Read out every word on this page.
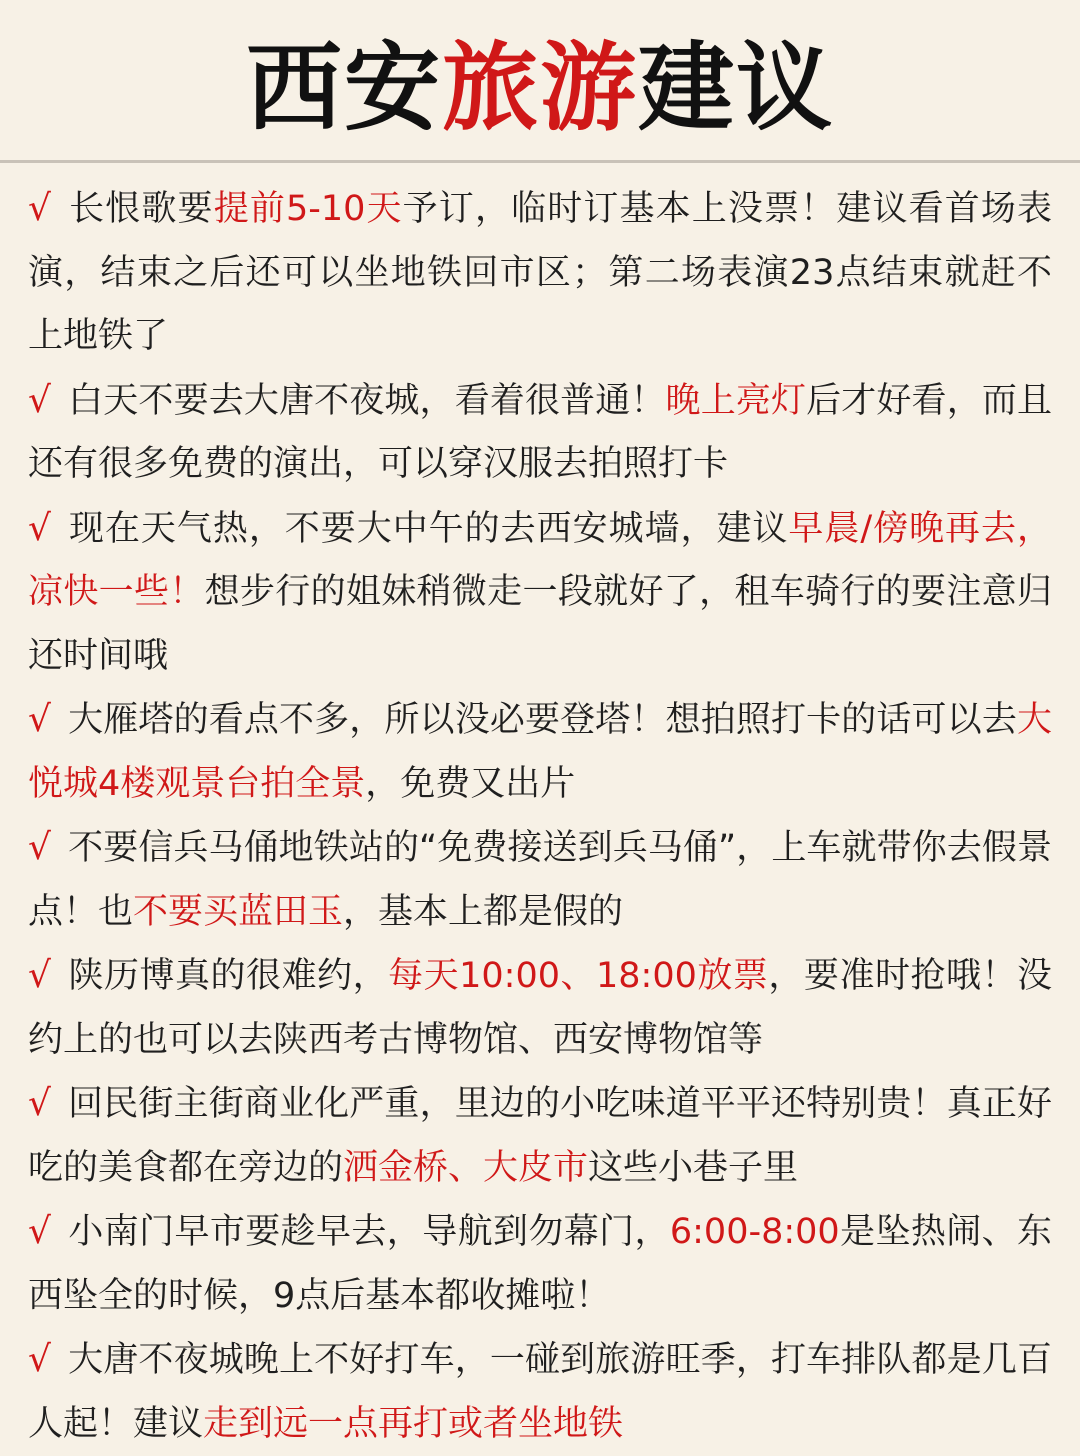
西安 旅游 建议
√ 长恨歌要提前5-10天予订，临时订基本上没票！建议看首场表演，结束之后还可以坐地铁回市区；第二场表演23点结束就赶不上地铁了
√ 白天不要去大唐不夜城，看着很普通！晚上亮灯后才好看，而且还有很多免费的演出，可以穿汉服去拍照打卡
√ 现在天气热，不要大中午的去西安城墙，建议早晨/傍晚再去，凉快一些！想步行的姐妹稍微走一段就好了，租车骑行的要注意归还时间哦
√ 大雁塔的看点不多，所以没必要登塔！想拍照打卡的话可以去大悦城4楼观景台拍全景，免费又出片
√ 不要信兵马俑地铁站的“免费接送到兵马俑”，上车就带你去假景点！也不要买蓝田玉，基本上都是假的
√ 陕历博真的很难约，每天10:00、18:00放票，要准时抢哦！没约上的也可以去陕西考古博物馆、西安博物馆等
√ 回民街主街商业化严重，里边的小吃味道平平还特别贵！真正好吃的美食都在旁边的洒金桥、大皮市这些小巷子里
√ 小南门早市要趁早去，导航到勿幕门，6:00-8:00是坠热闹、东西坠全的时候，9点后基本都收摊啦！
√ 大唐不夜城晚上不好打车，一碰到旅游旺季，打车排队都是几百人起！建议走到远一点再打或者坐地铁
